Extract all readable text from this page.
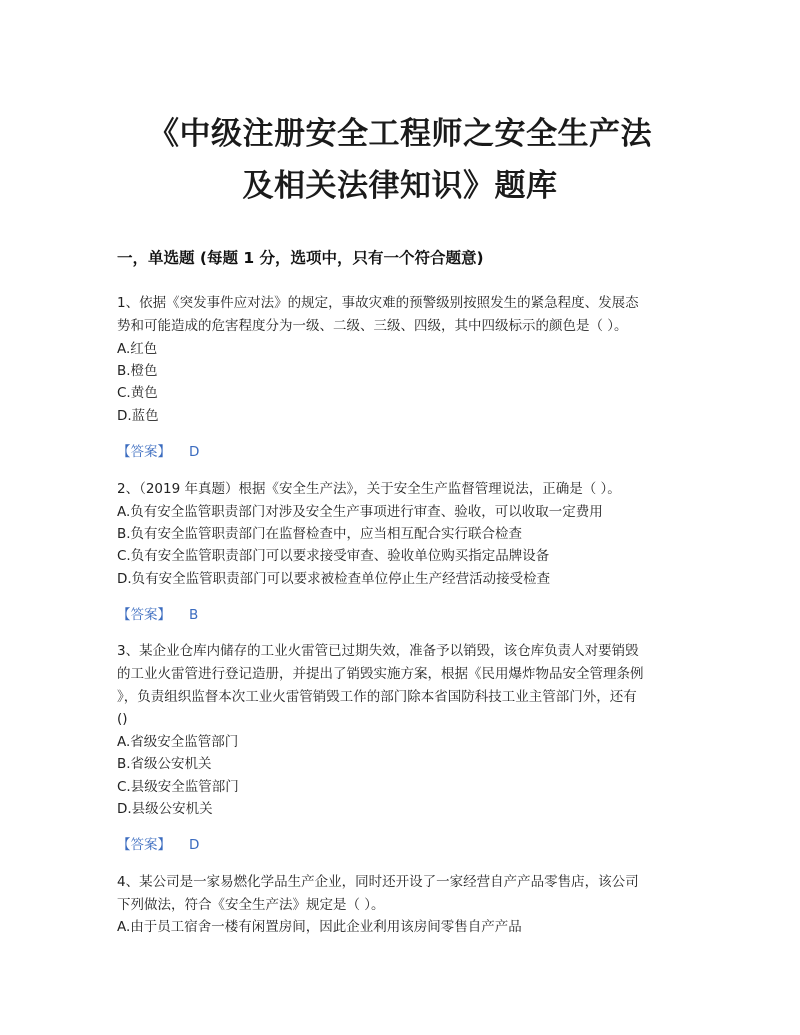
《中级注册安全工程师之安全生产法
及相关法律知识》题库
一，单选题 (每题 1 分，选项中，只有一个符合题意)

1、依据《突发事件应对法》的规定，事故灾难的预警级别按照发生的紧急程度、发展态

势和可能造成的危害程度分为一级、二级、三级、四级，其中四级标示的颜色是（ ）。

A.红色

B.橙色

C.黄色

D.蓝色

【答案】 D

2、（2019 年真题）根据《安全生产法》，关于安全生产监督管理说法，正确是（ ）。

A.负有安全监管职责部门对涉及安全生产事项进行审查、验收，可以收取一定费用

B.负有安全监管职责部门在监督检查中，应当相互配合实行联合检查

C.负有安全监管职责部门可以要求接受审查、验收单位购买指定品牌设备

D.负有安全监管职责部门可以要求被检查单位停止生产经营活动接受检查

【答案】 B

3、某企业仓库内储存的工业火雷管已过期失效，准备予以销毁，该仓库负责人对要销毁

的工业火雷管进行登记造册，并提出了销毁实施方案，根据《民用爆炸物品安全管理条例

》，负责组织监督本次工业火雷管销毁工作的部门除本省国防科技工业主管部门外，还有

()

A.省级安全监管部门

B.省级公安机关

C.县级安全监管部门

D.县级公安机关

【答案】 D

4、某公司是一家易燃化学品生产企业，同时还开设了一家经营自产产品零售店，该公司

下列做法，符合《安全生产法》规定是（ ）。

A.由于员工宿舍一楼有闲置房间，因此企业利用该房间零售自产产品
